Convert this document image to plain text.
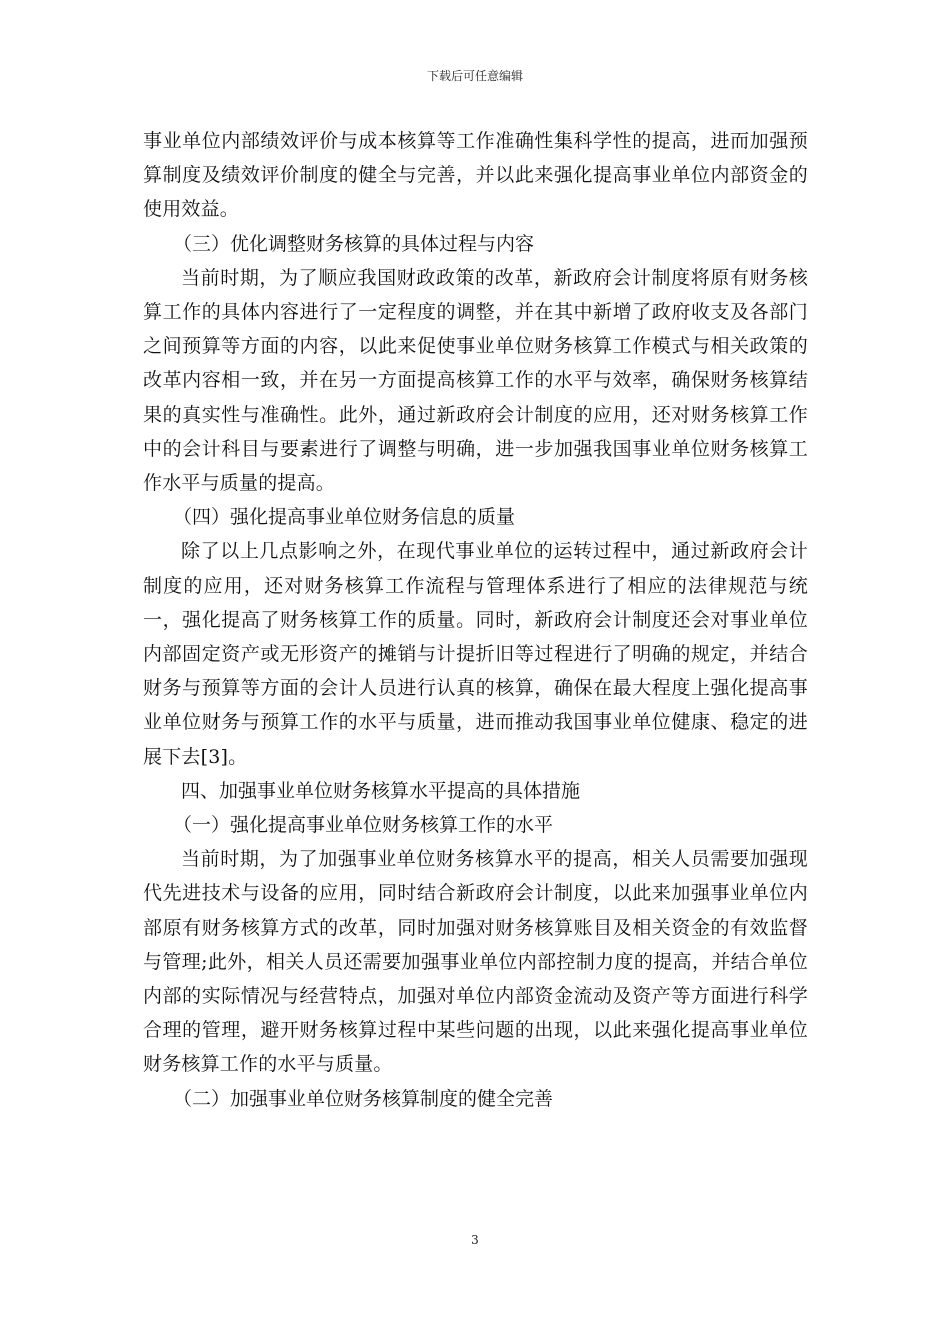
下载后可任意编辑

事业单位内部绩效评价与成本核算等工作准确性集科学性的提高，进而加强预算制度及绩效评价制度的健全与完善，并以此来强化提高事业单位内部资金的使用效益。

（三）优化调整财务核算的具体过程与内容

当前时期，为了顺应我国财政政策的改革，新政府会计制度将原有财务核算工作的具体内容进行了一定程度的调整，并在其中新增了政府收支及各部门之间预算等方面的内容，以此来促使事业单位财务核算工作模式与相关政策的改革内容相一致，并在另一方面提高核算工作的水平与效率，确保财务核算结果的真实性与准确性。此外，通过新政府会计制度的应用，还对财务核算工作中的会计科目与要素进行了调整与明确，进一步加强我国事业单位财务核算工作水平与质量的提高。

（四）强化提高事业单位财务信息的质量

除了以上几点影响之外，在现代事业单位的运转过程中，通过新政府会计制度的应用，还对财务核算工作流程与管理体系进行了相应的法律规范与统一，强化提高了财务核算工作的质量。同时，新政府会计制度还会对事业单位内部固定资产或无形资产的摊销与计提折旧等过程进行了明确的规定，并结合财务与预算等方面的会计人员进行认真的核算，确保在最大程度上强化提高事业单位财务与预算工作的水平与质量，进而推动我国事业单位健康、稳定的进展下去[3]。

四、加强事业单位财务核算水平提高的具体措施

（一）强化提高事业单位财务核算工作的水平

当前时期，为了加强事业单位财务核算水平的提高，相关人员需要加强现代先进技术与设备的应用，同时结合新政府会计制度，以此来加强事业单位内部原有财务核算方式的改革，同时加强对财务核算账目及相关资金的有效监督与管理;此外，相关人员还需要加强事业单位内部控制力度的提高，并结合单位内部的实际情况与经营特点，加强对单位内部资金流动及资产等方面进行科学合理的管理，避开财务核算过程中某些问题的出现，以此来强化提高事业单位财务核算工作的水平与质量。

（二）加强事业单位财务核算制度的健全完善

3
